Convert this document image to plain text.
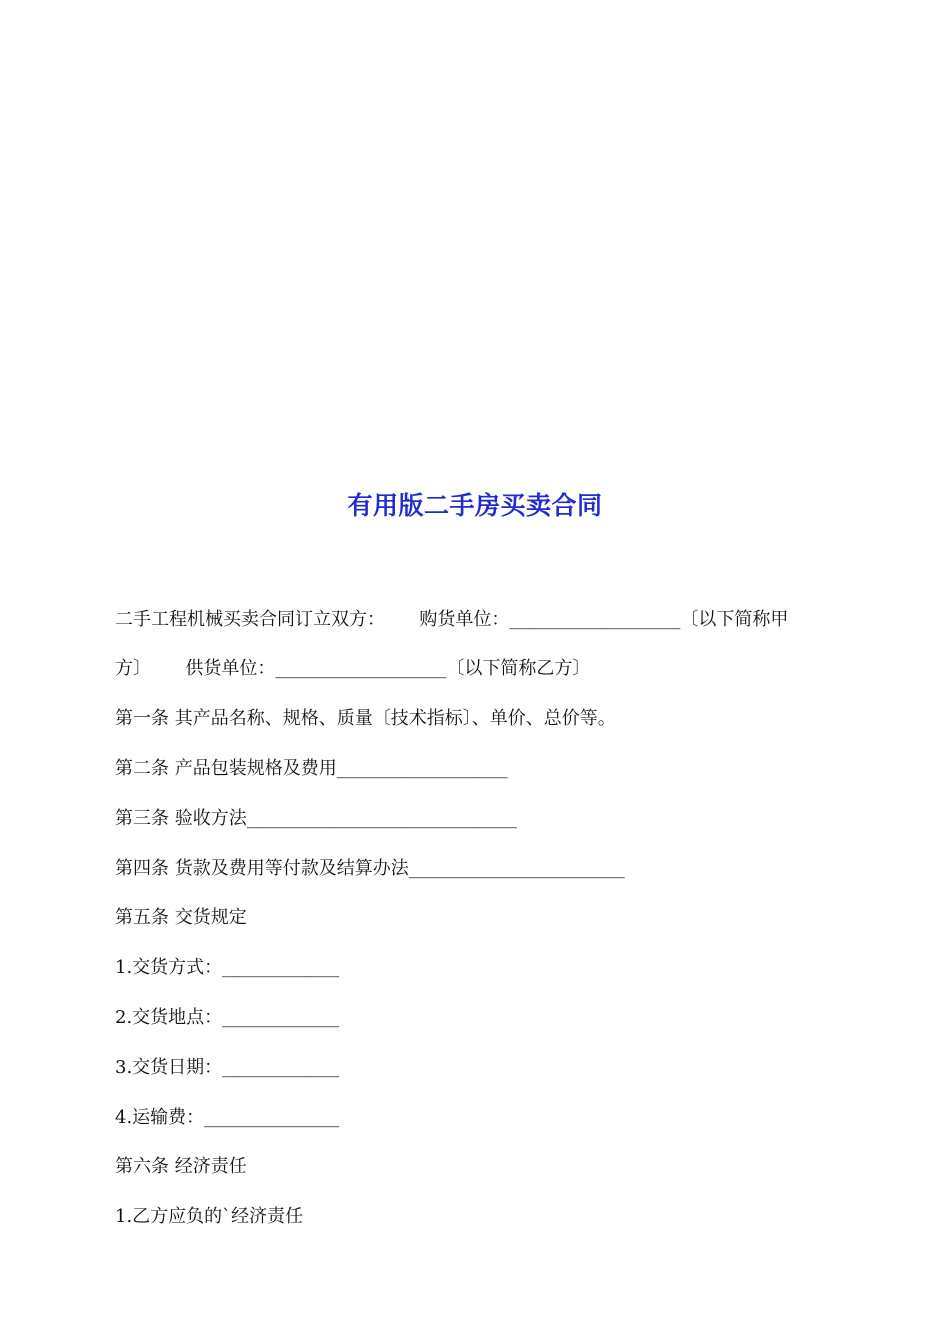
有用版二手房买卖合同
二手工程机械买卖合同订立双方：      购货单位：___________________〔以下简称甲
方〕      供货单位：___________________〔以下简称乙方〕
第一条 其产品名称、规格、质量〔技术指标〕、单价、总价等。
第二条 产品包装规格及费用___________________
第三条 验收方法______________________________
第四条 货款及费用等付款及结算办法________________________
第五条 交货规定
1.交货方式：_____________
2.交货地点：_____________
3.交货日期：_____________
4.运输费：_______________
第六条 经济责任
1.乙方应负的`经济责任
